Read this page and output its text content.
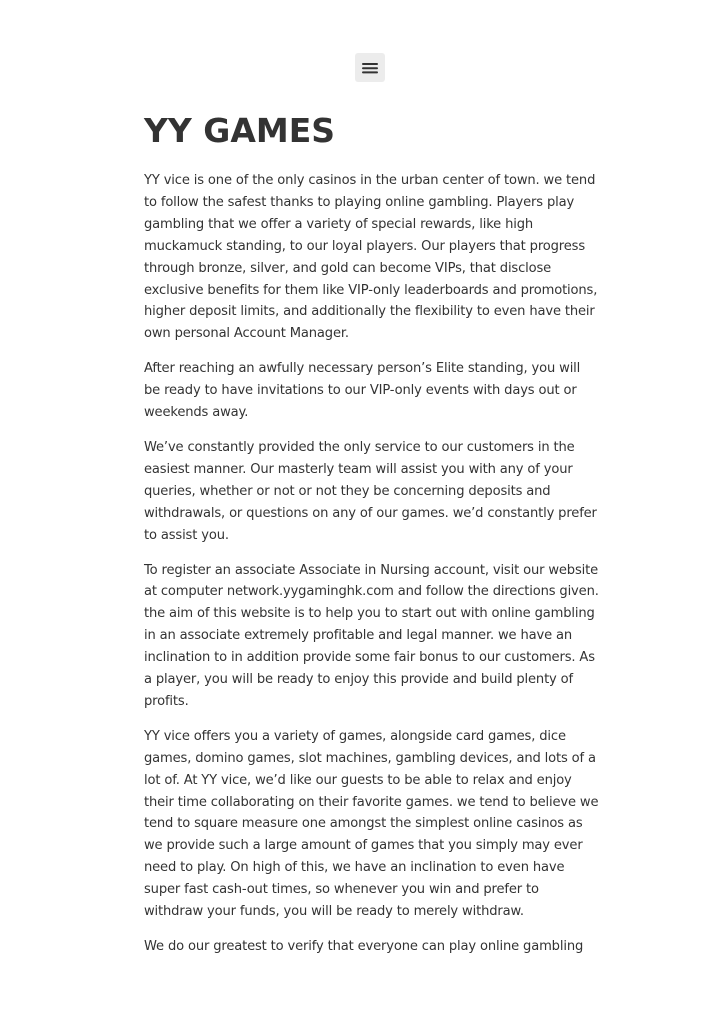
YY GAMES

YY vice is one of the only casinos in the urban center of town. we tend to follow the safest thanks to playing online gambling. Players play gambling that we offer a variety of special rewards, like high muckamuck standing, to our loyal players. Our players that progress through bronze, silver, and gold can become VIPs, that disclose exclusive benefits for them like VIP-only leaderboards and promotions, higher deposit limits, and additionally the flexibility to even have their own personal Account Manager.

After reaching an awfully necessary person’s Elite standing, you will be ready to have invitations to our VIP-only events with days out or weekends away.

We’ve constantly provided the only service to our customers in the easiest manner. Our masterly team will assist you with any of your queries, whether or not or not they be concerning deposits and withdrawals, or questions on any of our games. we’d constantly prefer to assist you.

To register an associate Associate in Nursing account, visit our website at computer network.yygaminghk.com and follow the directions given. the aim of this website is to help you to start out with online gambling in an associate extremely profitable and legal manner. we have an inclination to in addition provide some fair bonus to our customers. As a player, you will be ready to enjoy this provide and build plenty of profits.

YY vice offers you a variety of games, alongside card games, dice games, domino games, slot machines, gambling devices, and lots of a lot of. At YY vice, we’d like our guests to be able to relax and enjoy their time collaborating on their favorite games. we tend to believe we tend to square measure one amongst the simplest online casinos as we provide such a large amount of games that you simply may ever need to play. On high of this, we have an inclination to even have super fast cash-out times, so whenever you win and prefer to withdraw your funds, you will be ready to merely withdraw.

We do our greatest to verify that everyone can play online gambling
